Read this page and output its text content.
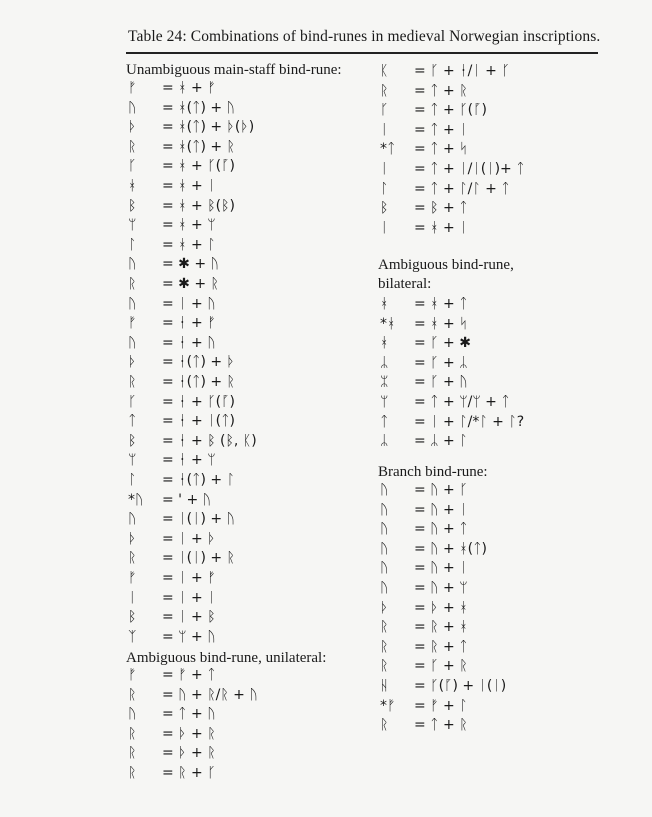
Table 24: Combinations of bind-runes in medieval Norwegian inscriptions.
Unambiguous main-staff bind-rune:
ᚠ	= ᚼ + ᚠ
ᚢ	= ᚼ(ᛏ) + ᚢ
ᚦ	= ᚼ(ᛏ) + ᚦ(ᚦ)
ᚱ	= ᚼ(ᛏ) + ᚱ
ᚴ	= ᚼ + ᚴ(ᚵ)
ᚼ	= ᚼ + ᛁ
ᛒ	= ᚼ + ᛒ(ᛒ)
ᛘ	= ᚼ + ᛘ
ᛚ	= ᚼ + ᛚ
ᚢ	= ✱ + ᚢ
ᚱ	= ✱ + ᚱ
ᚢ	= ᛁ + ᚢ
ᚠ	= ᚽ + ᚠ
ᚢ	= ᚽ + ᚢ
ᚦ	= ᚽ(ᛏ) + ᚦ
ᚱ	= ᚽ(ᛏ) + ᚱ
ᚴ	= ᚽ + ᚴ(ᚵ)
ᛏ	= ᚽ + ᛁ(ᛏ)
ᛒ	= ᚽ + ᛒ (ᛒ, ᛕ)
ᛘ	= ᚽ + ᛘ
ᛚ	= ᚽ(ᛏ) + ᛚ
*ᚢ	= ' + ᚢ
ᚢ	= ᛁ(ᛁ) + ᚢ
ᚦ	= ᛁ + ᚦ
ᚱ	= ᛁ(ᛁ) + ᚱ
ᚠ	= ᛁ + ᚠ
ᛁ	= ᛁ + ᛁ
ᛒ	= ᛁ + ᛒ
ᛉ	= ᛘ + ᚢ
Ambiguous bind-rune, unilateral:
ᚠ	= ᚠ + ᛏ
ᚱ	= ᚢ + ᚱ/ᚱ + ᚢ
ᚢ	= ᛏ + ᚢ
ᚱ	= ᚦ + ᚱ
ᚱ	= ᚦ + ᚱ
ᚱ	= ᚱ + ᚴ
ᛕ	= ᚴ + ᚽ/ᛁ + ᚴ
ᚱ	= ᛏ + ᚱ
ᚴ	= ᛏ + ᚴ(ᚵ)
ᛁ	= ᛏ + ᛁ
*ᛏ	= ᛏ + ᛋ
ᛁ	= ᛏ + ᛁ/ᛁ(ᛁ)+ ᛏ
ᛚ	= ᛏ + ᛚ/ᛚ + ᛏ
ᛒ	= ᛒ + ᛏ
ᛁ	= ᚼ + ᛁ
Ambiguous bind-rune,
bilateral:
ᚼ	= ᚼ + ᛏ
*ᚼ	= ᚼ + ᛋ
ᚼ	= ᚴ + ✱
ᛦ	= ᚴ + ᛦ
ᛯ	= ᚴ + ᚢ
ᛘ	= ᛏ + ᛘ/ᛘ + ᛏ
ᛏ	= ᛁ + ᛚ/*ᛚ + ᛚ?
ᛦ	= ᛦ + ᛚ
Branch bind-rune:
ᚢ	= ᚢ + ᚴ
ᚢ	= ᚢ + ᛁ
ᚢ	= ᚢ + ᛏ
ᚢ	= ᚢ + ᚼ(ᛏ)
ᚢ	= ᚢ + ᛁ
ᚢ	= ᚢ + ᛘ
ᚦ	= ᚦ + ᚼ
ᚱ	= ᚱ + ᚼ
ᚱ	= ᚱ + ᛏ
ᚱ	= ᚴ + ᚱ
ᚺ	= ᚴ(ᚵ) + ᛁ(ᛁ)
*ᚠ	= ᚠ + ᛚ
ᚱ	= ᛏ + ᚱ
